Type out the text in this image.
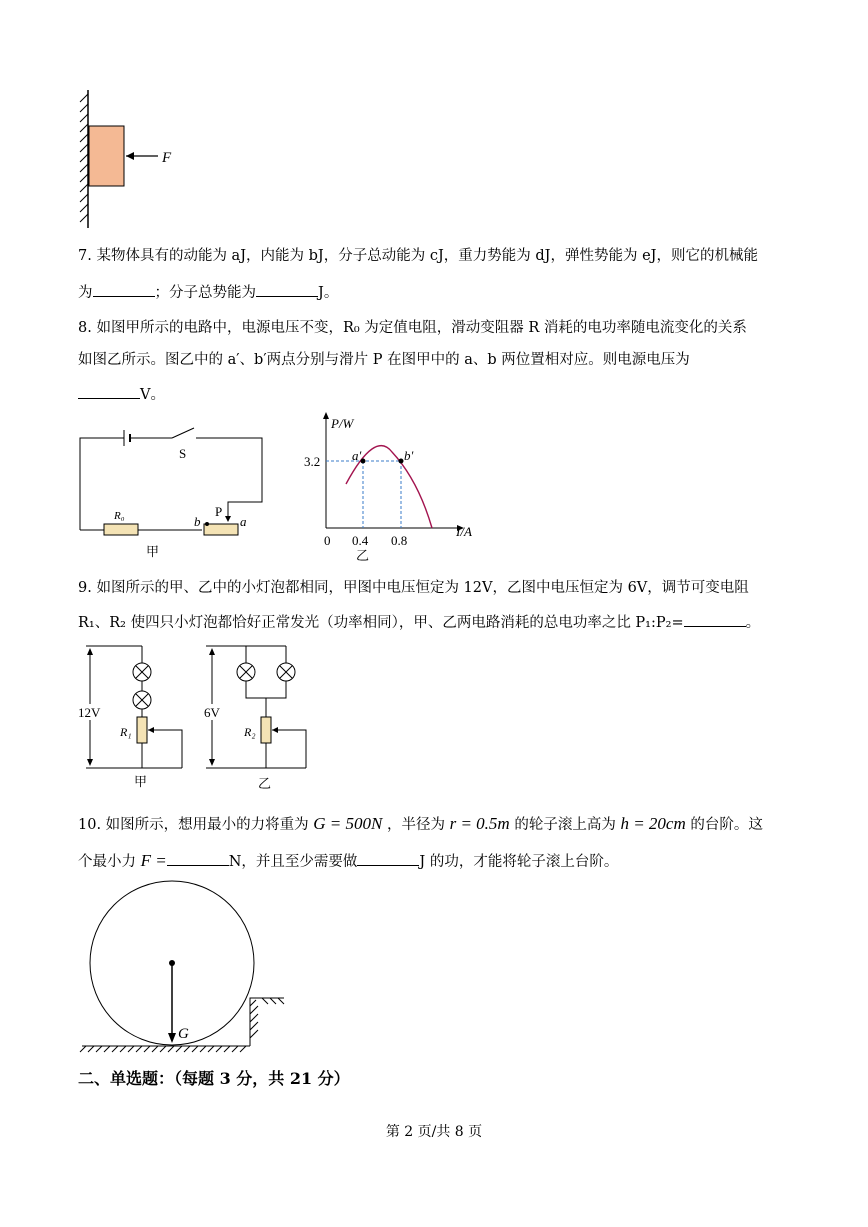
F
7. 某物体具有的动能为 aJ，内能为 bJ，分子总动能为 cJ，重力势能为 dJ，弹性势能为 eJ，则它的机械能
为	；分子总势能为	J。
8. 如图甲所示的电路中，电源电压不变，R₀ 为定值电阻，滑动变阻器 R 消耗的电功率随电流变化的关系
如图乙所示。图乙中的 a′、b′两点分别与滑片 P 在图甲中的 a、b 两位置相对应。则电源电压为
V。
S
R₀	P
b	a
甲
P/W
I/A
3.2 a′	b′
0 0.4 0.8
乙
9. 如图所示的甲、乙中的小灯泡都相同，甲图中电压恒定为 12V，乙图中电压恒定为 6V，调节可变电阻
R₁、R₂ 使四只小灯泡都恰好正常发光（功率相同），甲、乙两电路消耗的总电功率之比 P₁:P₂=	。
12V
R₁
甲
6V
R₂
乙
10. 如图所示，想用最小的力将重为 G = 500N ，半径为 r = 0.5m 的轮子滚上高为 h = 20cm 的台阶。这
个最小力 F =	N，并且至少需要做	J 的功，才能将轮子滚上台阶。
G
二、单选题：（每题 3 分，共 21 分）
第 2 页/共 8 页
